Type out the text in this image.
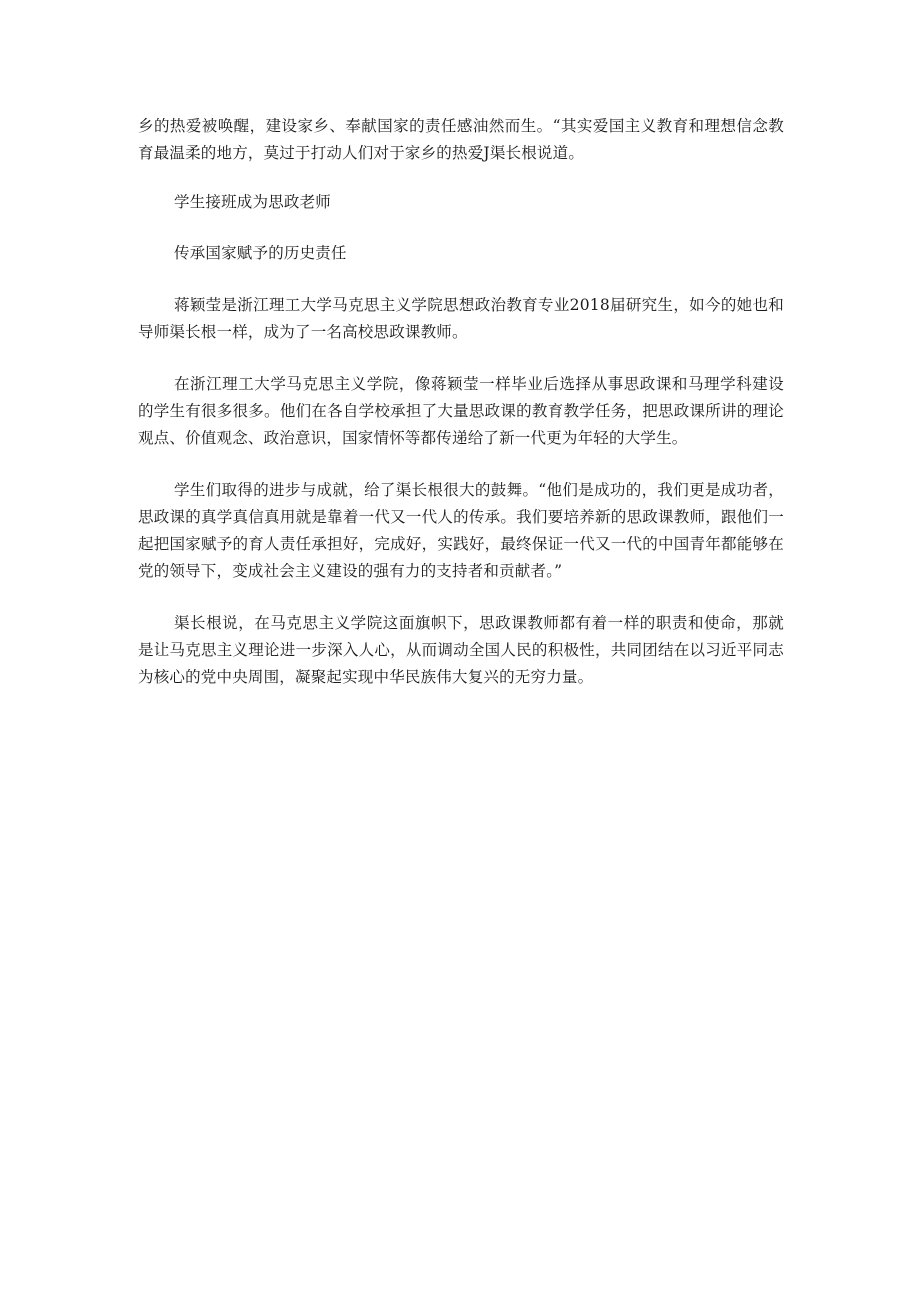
乡的热爱被唤醒，建设家乡、奉献国家的责任感油然而生。“其实爱国主义教育和理想信念教育最温柔的地方，莫过于打动人们对于家乡的热爱J渠长根说道。

学生接班成为思政老师

传承国家赋予的历史责任

蒋颖莹是浙江理工大学马克思主义学院思想政治教育专业2018届研究生，如今的她也和导师渠长根一样，成为了一名高校思政课教师。

在浙江理工大学马克思主义学院，像蒋颖莹一样毕业后选择从事思政课和马理学科建设的学生有很多很多。他们在各自学校承担了大量思政课的教育教学任务，把思政课所讲的理论观点、价值观念、政治意识，国家情怀等都传递给了新一代更为年轻的大学生。

学生们取得的进步与成就，给了渠长根很大的鼓舞。“他们是成功的，我们更是成功者，思政课的真学真信真用就是靠着一代又一代人的传承。我们要培养新的思政课教师，跟他们一起把国家赋予的育人责任承担好，完成好，实践好，最终保证一代又一代的中国青年都能够在党的领导下，变成社会主义建设的强有力的支持者和贡献者。”

渠长根说，在马克思主义学院这面旗帜下，思政课教师都有着一样的职责和使命，那就是让马克思主义理论进一步深入人心，从而调动全国人民的积极性，共同团结在以习近平同志为核心的党中央周围，凝聚起实现中华民族伟大复兴的无穷力量。
